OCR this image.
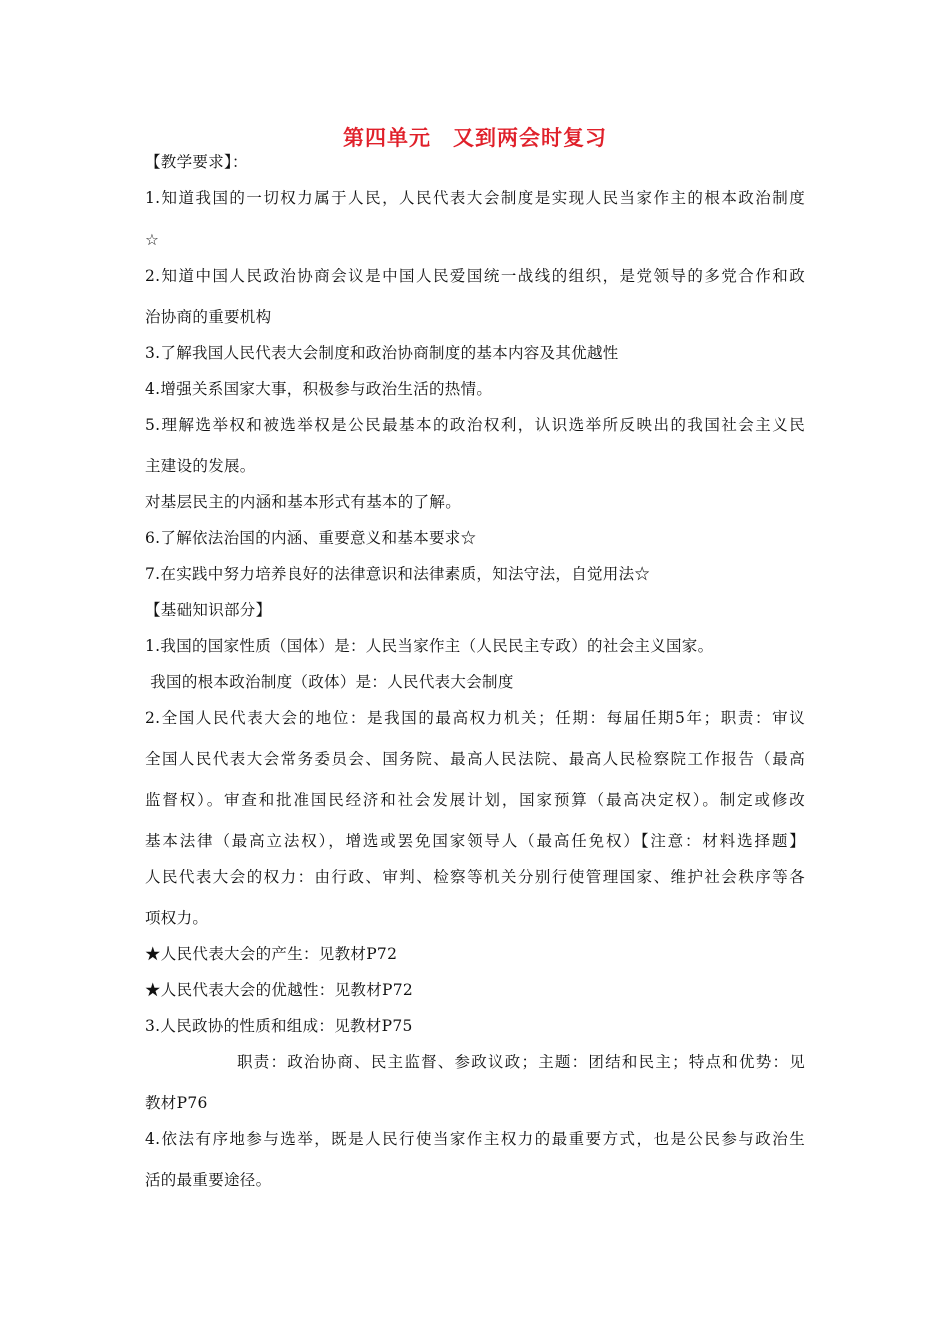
第四单元　又到两会时复习
【教学要求】：
1.知道我国的一切权力属于人民，人民代表大会制度是实现人民当家作主的根本政治制度
☆
2.知道中国人民政治协商会议是中国人民爱国统一战线的组织，是党领导的多党合作和政
治协商的重要机构
3.了解我国人民代表大会制度和政治协商制度的基本内容及其优越性
4.增强关系国家大事，积极参与政治生活的热情。
5.理解选举权和被选举权是公民最基本的政治权利，认识选举所反映出的我国社会主义民
主建设的发展。
对基层民主的内涵和基本形式有基本的了解。
6.了解依法治国的内涵、重要意义和基本要求☆
7.在实践中努力培养良好的法律意识和法律素质，知法守法，自觉用法☆
【基础知识部分】
1.我国的国家性质（国体）是：人民当家作主（人民民主专政）的社会主义国家。
我国的根本政治制度（政体）是：人民代表大会制度
2.全国人民代表大会的地位：是我国的最高权力机关；任期：每届任期5年；职责：审议
全国人民代表大会常务委员会、国务院、最高人民法院、最高人民检察院工作报告（最高
监督权）。审查和批准国民经济和社会发展计划，国家预算（最高决定权）。制定或修改
基本法律（最高立法权），增选或罢免国家领导人（最高任免权）【注意：材料选择题】
人民代表大会的权力：由行政、审判、检察等机关分别行使管理国家、维护社会秩序等各
项权力。
★人民代表大会的产生：见教材P72
★人民代表大会的优越性：见教材P72
3.人民政协的性质和组成：见教材P75
职责：政治协商、民主监督、参政议政；主题：团结和民主；特点和优势：见
教材P76
4.依法有序地参与选举，既是人民行使当家作主权力的最重要方式，也是公民参与政治生
活的最重要途径。
